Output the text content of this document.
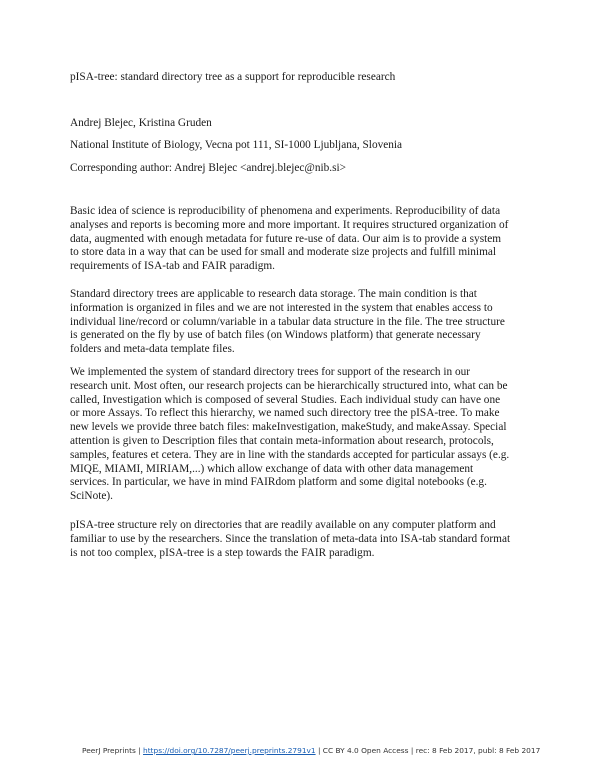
pISA-tree: standard directory tree as a support for reproducible research
Andrej Blejec, Kristina Gruden
National Institute of Biology, Vecna pot 111, SI-1000 Ljubljana, Slovenia
Corresponding author: Andrej Blejec <andrej.blejec@nib.si>
Basic idea of science is reproducibility of phenomena and experiments. Reproducibility of data
analyses and reports is becoming more and more important. It requires structured organization of
data, augmented with enough metadata for future re-use of data. Our aim is to provide a system
to store data in a way that can be used for small and moderate size projects and fulfill minimal
requirements of ISA-tab and FAIR paradigm.
Standard directory trees are applicable to research data storage. The main condition is that
information is organized in files and we are not interested in the system that enables access to
individual line/record or column/variable in a tabular data structure in the file. The tree structure
is generated on the fly by use of batch files (on Windows platform) that generate necessary
folders and meta-data template files.
We implemented the system of standard directory trees for support of the research in our
research unit. Most often, our research projects can be hierarchically structured into, what can be
called, Investigation which is composed of several Studies. Each individual study can have one
or more Assays. To reflect this hierarchy, we named such directory tree the pISA-tree. To make
new levels we provide three batch files: makeInvestigation, makeStudy, and makeAssay. Special
attention is given to Description files that contain meta-information about research, protocols,
samples, features et cetera. They are in line with the standards accepted for particular assays (e.g.
MIQE, MIAMI, MIRIAM,...) which allow exchange of data with other data management
services. In particular, we have in mind FAIRdom platform and some digital notebooks (e.g.
SciNote).
pISA-tree structure rely on directories that are readily available on any computer platform and
familiar to use by the researchers. Since the translation of meta-data into ISA-tab standard format
is not too complex, pISA-tree is a step towards the FAIR paradigm.
PeerJ Preprints | https://doi.org/10.7287/peerj.preprints.2791v1 | CC BY 4.0 Open Access | rec: 8 Feb 2017, publ: 8 Feb 2017
